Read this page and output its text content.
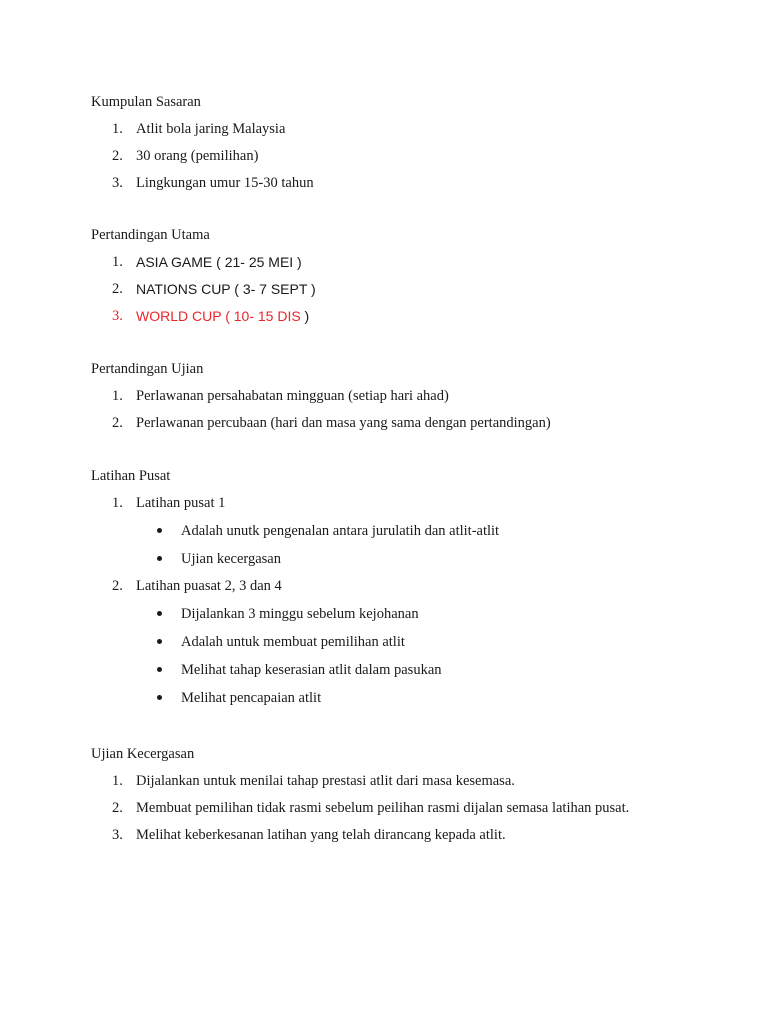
Kumpulan Sasaran
1. Atlit bola jaring Malaysia
2. 30 orang (pemilihan)
3. Lingkungan umur 15-30 tahun
Pertandingan Utama
1. ASIA GAME ( 21- 25 MEI )
2. NATIONS CUP ( 3- 7 SEPT )
3. WORLD CUP ( 10- 15 DIS )
Pertandingan Ujian
1. Perlawanan persahabatan mingguan (setiap hari ahad)
2. Perlawanan percubaan (hari dan masa yang sama dengan pertandingan)
Latihan Pusat
1. Latihan pusat 1
Adalah unutk pengenalan antara jurulatih dan atlit-atlit
Ujian kecergasan
2. Latihan puasat 2, 3 dan 4
Dijalankan 3 minggu sebelum kejohanan
Adalah untuk membuat pemilihan atlit
Melihat tahap keserasian atlit dalam pasukan
Melihat pencapaian atlit
Ujian Kecergasan
1. Dijalankan untuk menilai tahap prestasi atlit dari masa kesemasa.
2. Membuat pemilihan tidak rasmi sebelum peilihan rasmi dijalan semasa latihan pusat.
3. Melihat keberkesanan latihan yang telah dirancang kepada atlit.
